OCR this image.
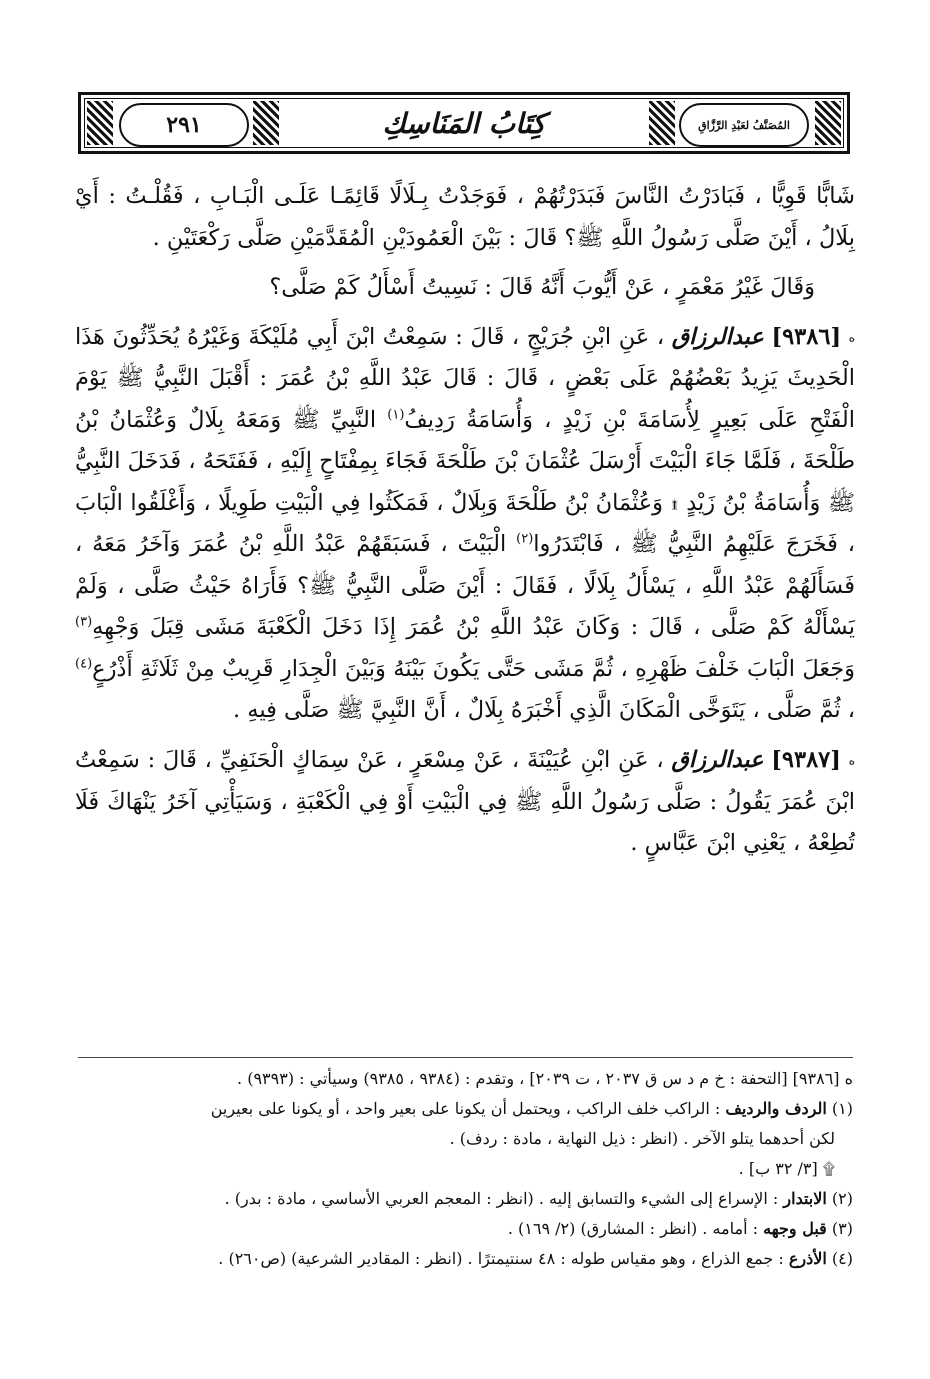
٢٩١	كِتَابُ المَنَاسِكِ	المُصَنَّفُ لعَبْدِ الرَّزَّاقِ

شَابًّا قَوِيًّا ، فَبَادَرْتُ النَّاسَ فَبَدَرْتُهُمْ ، فَوَجَدْتُ بِـلَالًا قَائِمًـا عَلَـى الْبَـابِ ، فَقُلْـتُ : أَيْ بِلَالُ ، أَيْنَ صَلَّى رَسُولُ اللَّهِ ﷺ؟ قَالَ : بَيْنَ الْعَمُودَيْنِ الْمُقَدَّمَيْنِ صَلَّى رَكْعَتَيْنِ .

وَقَالَ غَيْرُ مَعْمَرٍ ، عَنْ أَيُّوبَ أَنَّهُ قَالَ : نَسِيتُ أَسْأَلُ كَمْ صَلَّى؟

ه [٩٣٨٦] عبدالرزاق ، عَنِ ابْنِ جُرَيْجٍ ، قَالَ : سَمِعْتُ ابْنَ أَبِي مُلَيْكَةَ وَغَيْرُهُ يُحَدِّثُونَ هَذَا الْحَدِيثَ يَزِيدُ بَعْضُهُمْ عَلَى بَعْضٍ ، قَالَ : قَالَ عَبْدُ اللَّهِ بْنُ عُمَرَ : أَقْبَلَ النَّبِيُّ ﷺ يَوْمَ الْفَتْحِ عَلَى بَعِيرٍ لِأُسَامَةَ بْنِ زَيْدٍ ، وَأُسَامَةُ رَدِيفُ$^{(١)}$ النَّبِيِّ ﷺ وَمَعَهُ بِلَالٌ وَعُثْمَانُ بْنُ طَلْحَةَ ، فَلَمَّا جَاءَ الْبَيْتَ أَرْسَلَ عُثْمَانَ بْنَ طَلْحَةَ فَجَاءَ بِمِفْتَاحٍ إِلَيْهِ ، فَفَتَحَهُ ، فَدَخَلَ النَّبِيُّ ﷺ وَأُسَامَةُ بْنُ زَيْدٍ ۩ وَعُثْمَانُ بْنُ طَلْحَةَ وَبِلَالٌ ، فَمَكَثُوا فِي الْبَيْتِ طَوِيلًا ، وَأَغْلَقُوا الْبَابَ ، فَخَرَجَ عَلَيْهِمُ النَّبِيُّ ﷺ ، فَابْتَدَرُوا$^{(٢)}$ الْبَيْتَ ، فَسَبَقَهُمْ عَبْدُ اللَّهِ بْنُ عُمَرَ وَآخَرُ مَعَهُ ، فَسَأَلَهُمْ عَبْدُ اللَّهِ ، يَسْأَلُ بِلَالًا ، فَقَالَ : أَيْنَ صَلَّى النَّبِيُّ ﷺ؟ فَأَرَاهُ حَيْثُ صَلَّى ، وَلَمْ يَسْأَلْهُ كَمْ صَلَّى ، قَالَ : وَكَانَ عَبْدُ اللَّهِ بْنُ عُمَرَ إِذَا دَخَلَ الْكَعْبَةَ مَشَى قِبَلَ وَجْهِهِ$^{(٣)}$ وَجَعَلَ الْبَابَ خَلْفَ ظَهْرِهِ ، ثُمَّ مَشَى حَتَّى يَكُونَ بَيْنَهُ وَبَيْنَ الْجِدَارِ قَرِيبٌ مِنْ ثَلَاثَةِ أَذْرُعٍ$^{(٤)}$ ، ثُمَّ صَلَّى ، يَتَوَخَّى الْمَكَانَ الَّذِي أَخْبَرَهُ بِلَالٌ ، أَنَّ النَّبِيَّ ﷺ صَلَّى فِيهِ .

ه [٩٣٨٧] عبدالرزاق ، عَنِ ابْنِ عُيَيْنَةَ ، عَنْ مِسْعَرٍ ، عَنْ سِمَاكٍ الْحَنَفِيِّ ، قَالَ : سَمِعْتُ ابْنَ عُمَرَ يَقُولُ : صَلَّى رَسُولُ اللَّهِ ﷺ فِي الْبَيْتِ أَوْ فِي الْكَعْبَةِ ، وَسَيَأْتِي آخَرُ يَنْهَاكَ فَلَا تُطِعْهُ ، يَعْنِي ابْنَ عَبَّاسٍ .

ه [٩٣٨٦] [التحفة : خ م د س ق ٢٠٣٧ ، ت ٢٠٣٩] ، وتقدم : (٩٣٨٤ ، ٩٣٨٥) وسيأتي : (٩٣٩٣) .

(١) الردف والرديف : الراكب خلف الراكب ، ويحتمل أن يكونا على بعير واحد ، أو يكونا على بعيرين

لكن أحدهما يتلو الآخر . (انظر : ذيل النهاية ، مادة : ردف) .

۩ [٣/ ٣٢ ب] .

(٢) الابتدار : الإسراع إلى الشيء والتسابق إليه . (انظر : المعجم العربي الأساسي ، مادة : بدر) .

(٣) قبل وجهه : أمامه . (انظر : المشارق) (٢/ ١٦٩) .

(٤) الأذرع : جمع الذراع ، وهو مقياس طوله : ٤٨ سنتيمترًا . (انظر : المقادير الشرعية) (ص٢٦٠) .
